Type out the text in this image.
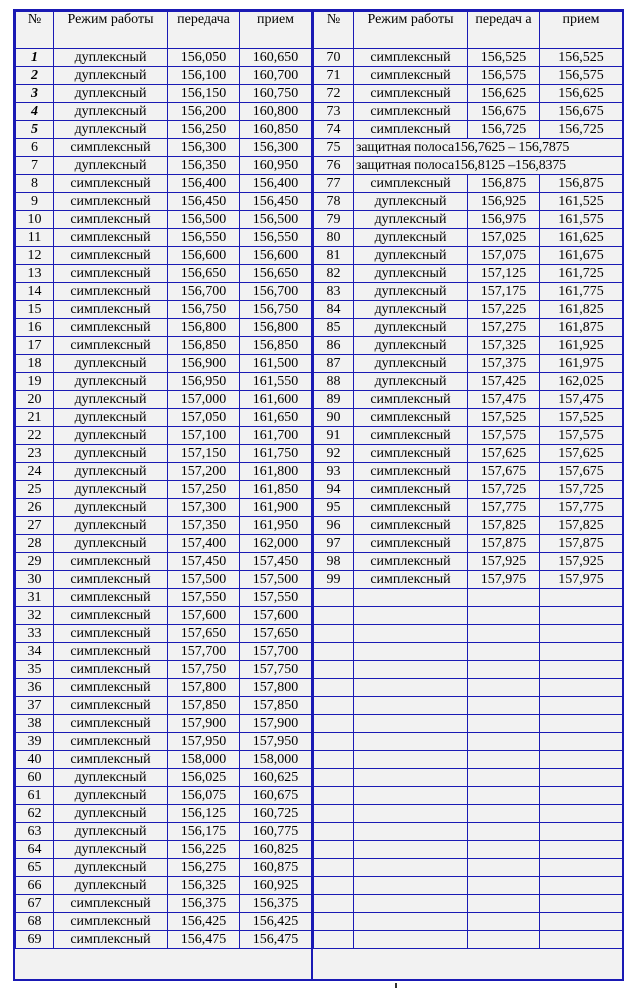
№	Режим работы	передача	прием
1	дуплексный	156,050	160,650
2	дуплексный	156,100	160,700
3	дуплексный	156,150	160,750
4	дуплексный	156,200	160,800
5	дуплексный	156,250	160,850
6	симплексный	156,300	156,300
7	дуплексный	156,350	160,950
8	симплексный	156,400	156,400
9	симплексный	156,450	156,450
10	симплексный	156,500	156,500
11	симплексный	156,550	156,550
12	симплексный	156,600	156,600
13	симплексный	156,650	156,650
14	симплексный	156,700	156,700
15	симплексный	156,750	156,750
16	симплексный	156,800	156,800
17	симплексный	156,850	156,850
18	дуплексный	156,900	161,500
19	дуплексный	156,950	161,550
20	дуплексный	157,000	161,600
21	дуплексный	157,050	161,650
22	дуплексный	157,100	161,700
23	дуплексный	157,150	161,750
24	дуплексный	157,200	161,800
25	дуплексный	157,250	161,850
26	дуплексный	157,300	161,900
27	дуплексный	157,350	161,950
28	дуплексный	157,400	162,000
29	симплексный	157,450	157,450
30	симплексный	157,500	157,500
31	симплексный	157,550	157,550
32	симплексный	157,600	157,600
33	симплексный	157,650	157,650
34	симплексный	157,700	157,700
35	симплексный	157,750	157,750
36	симплексный	157,800	157,800
37	симплексный	157,850	157,850
38	симплексный	157,900	157,900
39	симплексный	157,950	157,950
40	симплексный	158,000	158,000
60	дуплексный	156,025	160,625
61	дуплексный	156,075	160,675
62	дуплексный	156,125	160,725
63	дуплексный	156,175	160,775
64	дуплексный	156,225	160,825
65	дуплексный	156,275	160,875
66	дуплексный	156,325	160,925
67	симплексный	156,375	156,375
68	симплексный	156,425	156,425
69	симплексный	156,475	156,475
№	Режим работы	передач а	прием
70	симплексный	156,525	156,525
71	симплексный	156,575	156,575
72	симплексный	156,625	156,625
73	симплексный	156,675	156,675
74	симплексный	156,725	156,725
75	защитная полоса156,7625 – 156,7875		
76	защитная полоса156,8125 –156,8375		
77	симплексный	156,875	156,875
78	дуплексный	156,925	161,525
79	дуплексный	156,975	161,575
80	дуплексный	157,025	161,625
81	дуплексный	157,075	161,675
82	дуплексный	157,125	161,725
83	дуплексный	157,175	161,775
84	дуплексный	157,225	161,825
85	дуплексный	157,275	161,875
86	дуплексный	157,325	161,925
87	дуплексный	157,375	161,975
88	дуплексный	157,425	162,025
89	симплексный	157,475	157,475
90	симплексный	157,525	157,525
91	симплексный	157,575	157,575
92	симплексный	157,625	157,625
93	симплексный	157,675	157,675
94	симплексный	157,725	157,725
95	симплексный	157,775	157,775
96	симплексный	157,825	157,825
97	симплексный	157,875	157,875
98	симплексный	157,925	157,925
99	симплексный	157,975	157,975
